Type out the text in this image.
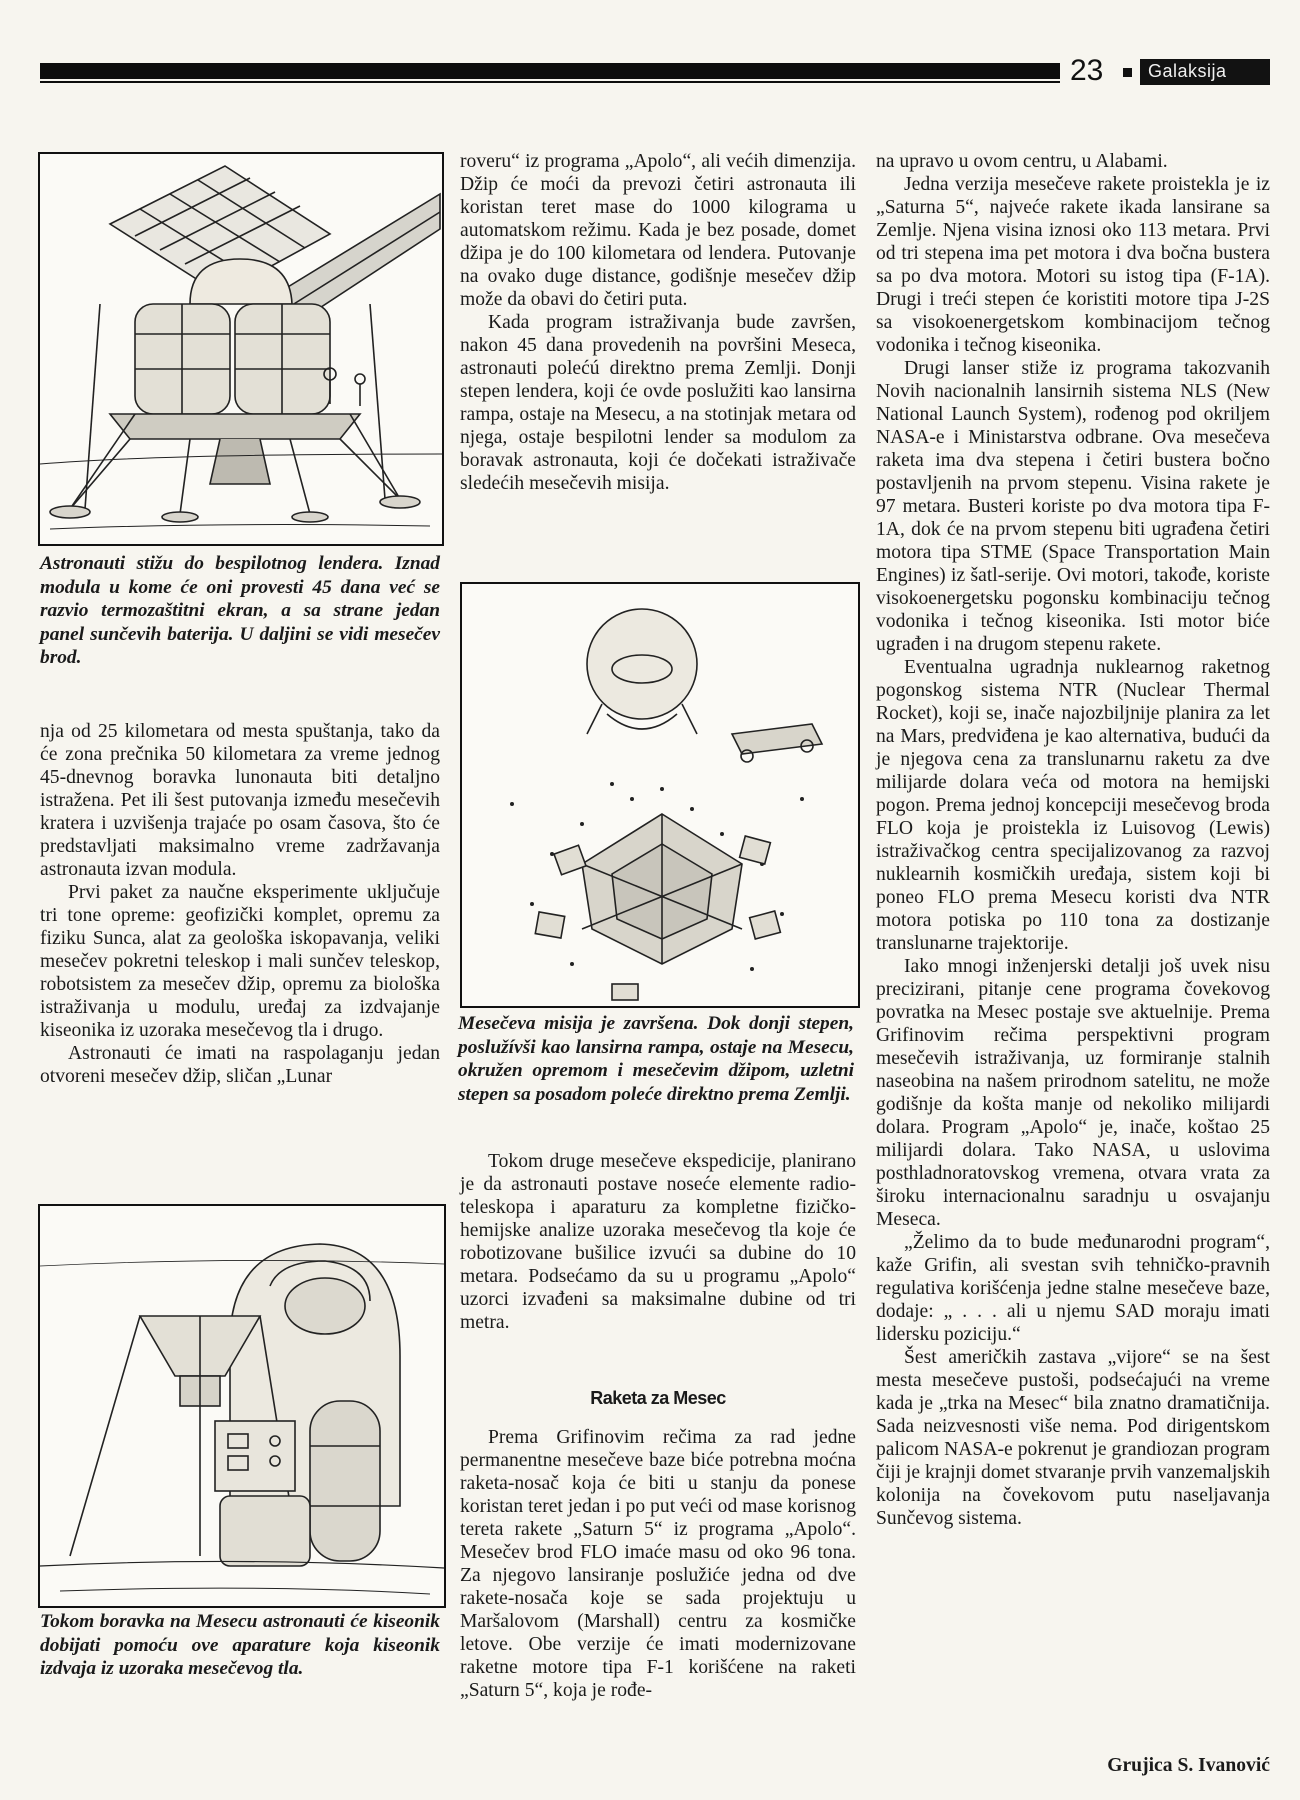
23 Galaksija

Astronauti stižu do bespilotnog lendera. Iznad modula u kome će oni provesti 45 dana već se razvio termozaštitni ekran, a sa strane jedan panel sunčevih baterija. U daljini se vidi mesečev brod.

nja od 25 kilometara od mesta spuštanja, tako da će zona prečnika 50 kilometara za vreme jednog 45-dnevnog boravka lunonauta biti detaljno istražena. Pet ili šest putovanja između mesečevih kratera i uzvišenja trajaće po osam časova, što će predstavljati maksimalno vreme zadržavanja astronauta izvan modula.

Prvi paket za naučne eksperimente uključuje tri tone opreme: geofizički komplet, opremu za fiziku Sunca, alat za geološka iskopavanja, veliki mesečev pokretni teleskop i mali sunčev teleskop, robotsistem za mesečev džip, opremu za biološka istraživanja u modulu, uređaj za izdvajanje kiseonika iz uzoraka mesečevog tla i drugo.

Astronauti će imati na raspolaganju jedan otvoreni mesečev džip, sličan „Lunar

Tokom boravka na Mesecu astronauti će kiseonik dobijati pomoću ove aparature koja kiseonik izdvaja iz uzoraka mesečevog tla.

roveru“ iz programa „Apolo“, ali većih dimenzija. Džip će moći da prevozi četiri astronauta ili koristan teret mase do 1000 kilograma u automatskom režimu. Kada je bez posade, domet džipa je do 100 kilometara od lendera. Putovanje na ovako duge distance, godišnje mesečev džip može da obavi do četiri puta.

Kada program istraživanja bude završen, nakon 45 dana provedenih na površini Meseca, astronauti polećú direktno prema Zemlji. Donji stepen lendera, koji će ovde poslužiti kao lansirna rampa, ostaje na Mesecu, a na stotinjak metara od njega, ostaje bespilotni lender sa modulom za boravak astronauta, koji će dočekati istraživače sledećih mesečevih misija.

Mesečeva misija je završena. Dok donji stepen, poslužívši kao lansirna rampa, ostaje na Mesecu, okružen opremom i mesečevim džipom, uzletni stepen sa posadom poleće direktno prema Zemlji.

Tokom druge mesečeve ekspedicije, planirano je da astronauti postave noseće elemente radio-teleskopa i aparaturu za kompletne fizičko-hemijske analize uzoraka mesečevog tla koje će robotizovane bušilice izvući sa dubine do 10 metara. Podsećamo da su u programu „Apolo“ uzorci izvađeni sa maksimalne dubine od tri metra.

Raketa za Mesec

Prema Grifinovim rečima za rad jedne permanentne mesečeve baze biće potrebna moćna raketa-nosač koja će biti u stanju da ponese koristan teret jedan i po put veći od mase korisnog tereta rakete „Saturn 5“ iz programa „Apolo“. Mesečev brod FLO imaće masu od oko 96 tona. Za njegovo lansiranje poslužiće jedna od dve rakete-nosača koje se sada projektuju u Maršalovom (Marshall) centru za kosmičke letove. Obe verzije će imati modernizovane raketne motore tipa F-1 korišćene na raketi „Saturn 5“, koja je rođe-

na upravo u ovom centru, u Alabami.

Jedna verzija mesečeve rakete proistekla je iz „Saturna 5“, najveće rakete ikada lansirane sa Zemlje. Njena visina iznosi oko 113 metara. Prvi od tri stepena ima pet motora i dva bočna bustera sa po dva motora. Motori su istog tipa (F-1A). Drugi i treći stepen će koristiti motore tipa J-2S sa visokoenergetskom kombinacijom tečnog vodonika i tečnog kiseonika.

Drugi lanser stiže iz programa takozvanih Novih nacionalnih lansirnih sistema NLS (New National Launch System), rođenog pod okriljem NASA-e i Ministarstva odbrane. Ova mesečeva raketa ima dva stepena i četiri bustera bočno postavljenih na prvom stepenu. Visina rakete je 97 metara. Busteri koriste po dva motora tipa F-1A, dok će na prvom stepenu biti ugrađena četiri motora tipa STME (Space Transportation Main Engines) iz šatl-serije. Ovi motori, takođe, koriste visokoenergetsku pogonsku kombinaciju tečnog vodonika i tečnog kiseonika. Isti motor biće ugrađen i na drugom stepenu rakete.

Eventualna ugradnja nuklearnog raketnog pogonskog sistema NTR (Nuclear Thermal Rocket), koji se, inače najozbiljnije planira za let na Mars, predviđena je kao alternativa, budući da je njegova cena za translunarnu raketu za dve milijarde dolara veća od motora na hemijski pogon. Prema jednoj koncepciji mesečevog broda FLO koja je proistekla iz Luisovog (Lewis) istraživačkog centra specijalizovanog za razvoj nuklearnih kosmičkih uređaja, sistem koji bi poneo FLO prema Mesecu koristi dva NTR motora potiska po 110 tona za dostizanje translunarne trajektorije.

Iako mnogi inženjerski detalji još uvek nisu precizirani, pitanje cene programa čovekovog povratka na Mesec postaje sve aktuelnije. Prema Grifinovim rečima perspektivni program mesečevih istraživanja, uz formiranje stalnih naseobina na našem prirodnom satelitu, ne može godišnje da košta manje od nekoliko milijardi dolara. Program „Apolo“ je, inače, koštao 25 milijardi dolara. Tako NASA, u uslovima posthladnoratovskog vremena, otvara vrata za široku internacionalnu saradnju u osvajanju Meseca.

„Želimo da to bude međunarodni program“, kaže Grifin, ali svestan svih tehničko-pravnih regulativa korišćenja jedne stalne mesečeve baze, dodaje: „ . . . ali u njemu SAD moraju imati lidersku poziciju.“

Šest američkih zastava „vijore“ se na šest mesta mesečeve pustoši, podsećajući na vreme kada je „trka na Mesec“ bila znatno dramatičnija. Sada neizvesnosti više nema. Pod dirigentskom palicom NASA-e pokrenut je grandiozan program čiji je krajnji domet stvaranje prvih vanzemaljskih kolonija na čovekovom putu naseljavanja Sunčevog sistema.

Grujica S. Ivanović
